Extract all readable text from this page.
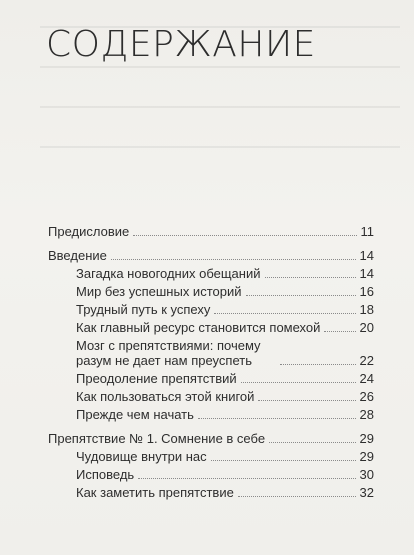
СОДЕРЖАНИЕ
Предисловие	11
Введение	14
Загадка новогодних обещаний	14
Мир без успешных историй	16
Трудный путь к успеху	18
Как главный ресурс становится помехой	20
Мозг с препятствиями: почему разум не дает нам преуспеть	22
Преодоление препятствий	24
Как пользоваться этой книгой	26
Прежде чем начать	28
Препятствие № 1. Сомнение в себе	29
Чудовище внутри нас	29
Исповедь	30
Как заметить препятствие	32
